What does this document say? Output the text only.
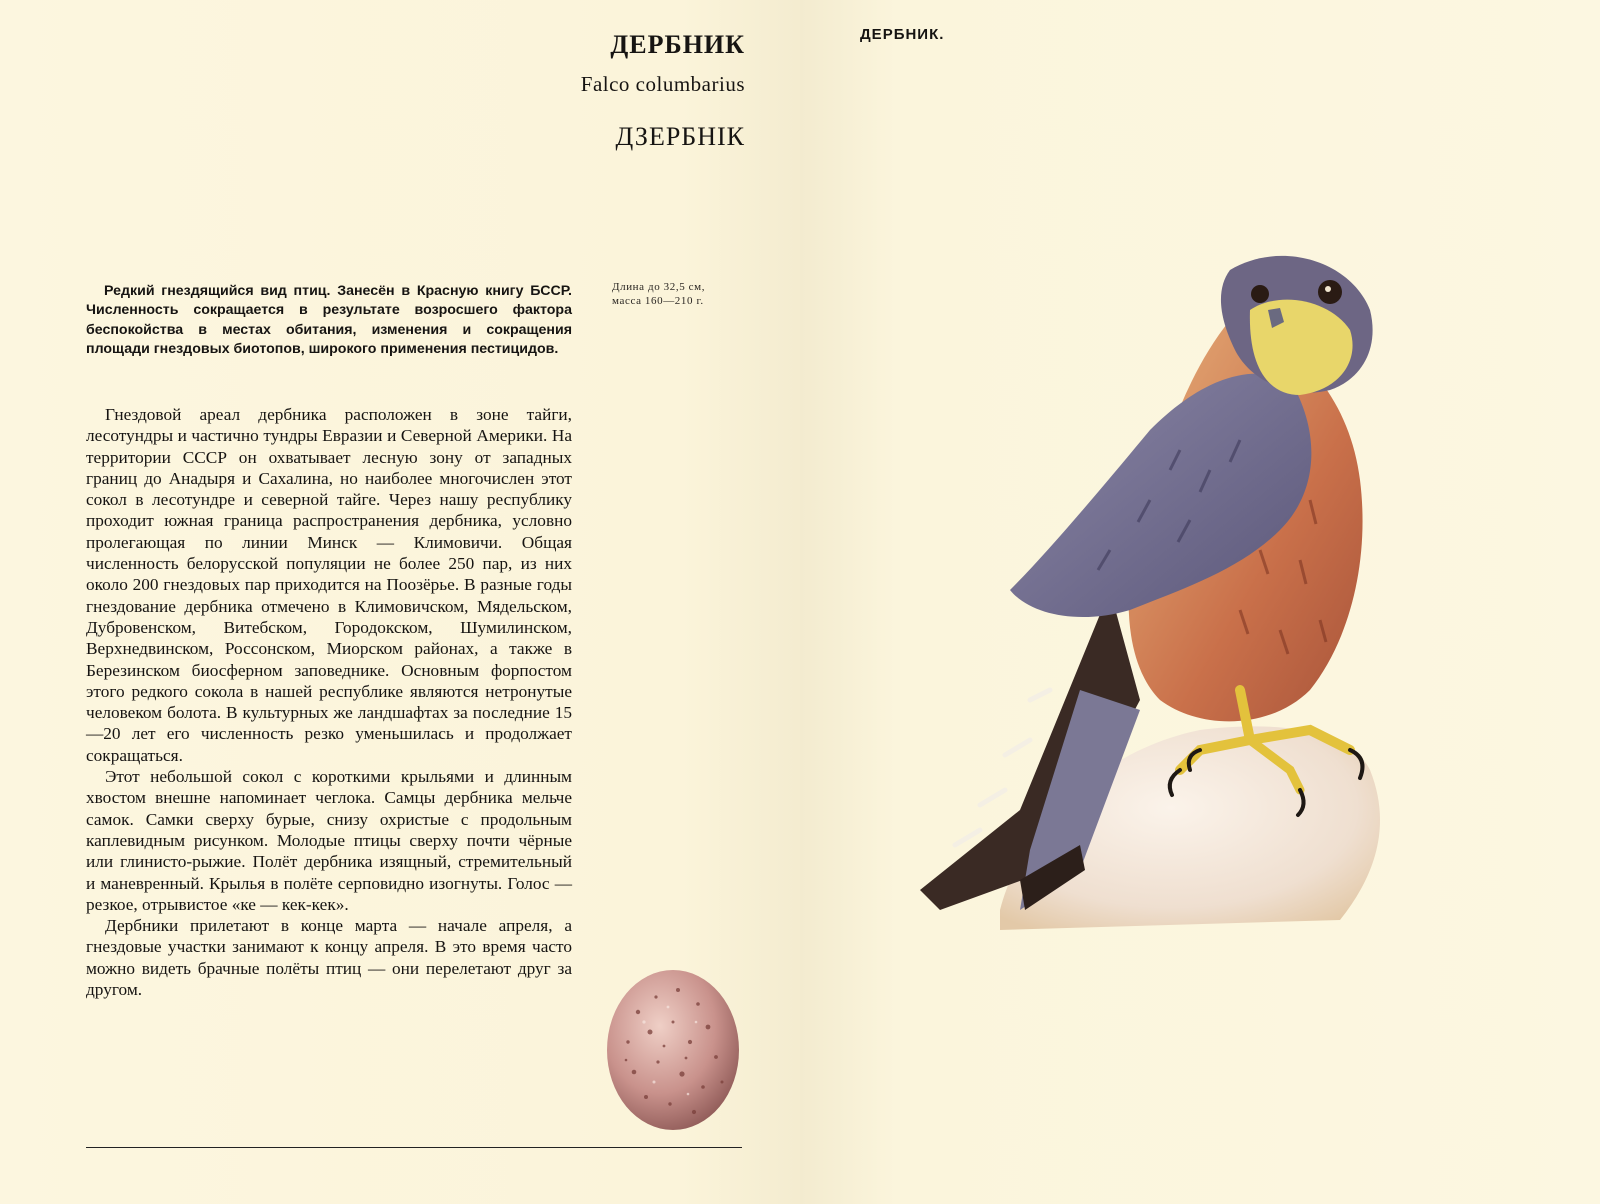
ДЕРБНИК
Falco columbarius
ДЗЕРБНІК
Длина до 32,5 см,
масса 160—210 г.
Редкий гнездящийся вид птиц. Занесён в Красную книгу БССР. Численность сокращается в результате возросшего фактора беспокойства в местах обитания, изменения и сокращения площади гнездовых биотопов, широкого применения пестицидов.

Гнездовой ареал дербника расположен в зоне тайги, лесотундры и частично тундры Евразии и Северной Америки. На территории СССР он охватывает лесную зону от западных границ до Анадыря и Сахалина, но наиболее многочислен этот сокол в лесотундре и северной тайге. Через нашу республику проходит южная граница распространения дербника, условно пролегающая по линии Минск — Климовичи. Общая численность белорусской популяции не более 250 пар, из них около 200 гнездовых пар приходится на Поозёрье. В разные годы гнездование дербника отмечено в Климовичском, Мядельском, Дубровенском, Витебском, Городокском, Шумилинском, Верхнедвинском, Россонском, Миорском районах, а также в Березинском биосферном заповеднике. Основным форпостом этого редкого сокола в нашей республике являются нетронутые человеком болота. В культурных же ландшафтах за последние 15—20 лет его численность резко уменьшилась и продолжает сокращаться.

Этот небольшой сокол с короткими крыльями и длинным хвостом внешне напоминает чеглока. Самцы дербника мельче самок. Самки сверху бурые, снизу охристые с продольным каплевидным рисунком. Молодые птицы сверху почти чёрные или глинисто-рыжие. Полёт дербника изящный, стремительный и маневренный. Крылья в полёте серповидно изогнуты. Голос — резкое, отрывистое «ке — кек-кек».

Дербники прилетают в конце марта — начале апреля, а гнездовые участки занимают к концу апреля. В это время часто можно видеть брачные полёты птиц — они перелетают друг за другом.

ДЕРБНИК.
